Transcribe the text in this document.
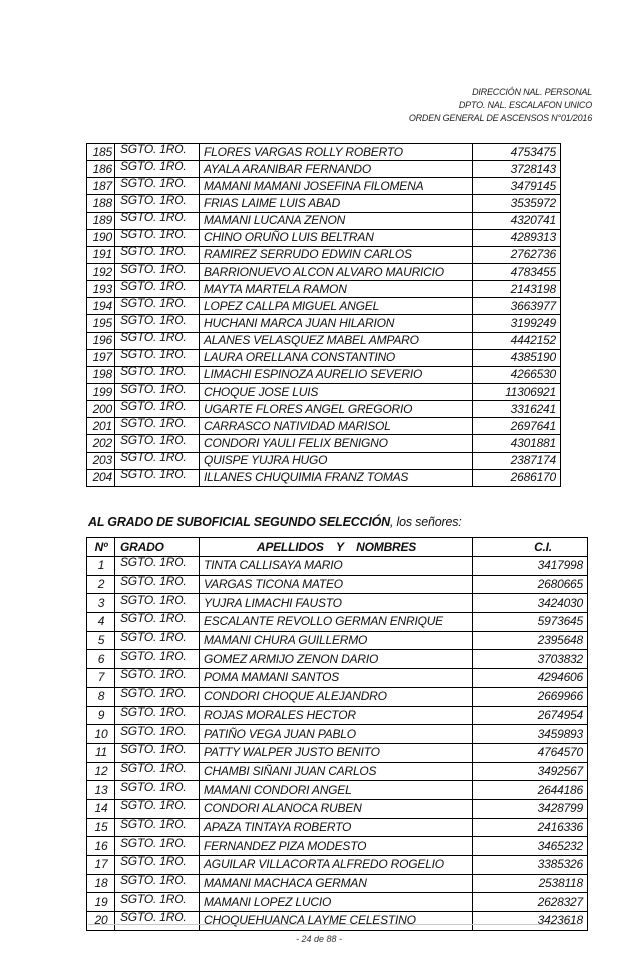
DIRECCIÓN NAL. PERSONAL
DPTO. NAL. ESCALAFON UNICO
ORDEN GENERAL DE ASCENSOS N°01/2016
185	SGTO. 1RO.	FLORES VARGAS ROLLY ROBERTO	4753475
186	SGTO. 1RO.	AYALA ARANIBAR FERNANDO	3728143
187	SGTO. 1RO.	MAMANI MAMANI JOSEFINA FILOMENA	3479145
188	SGTO. 1RO.	FRIAS LAIME LUIS ABAD	3535972
189	SGTO. 1RO.	MAMANI LUCANA ZENON	4320741
190	SGTO. 1RO.	CHINO ORUÑO LUIS BELTRAN	4289313
191	SGTO. 1RO.	RAMIREZ SERRUDO EDWIN CARLOS	2762736
192	SGTO. 1RO.	BARRIONUEVO ALCON ALVARO MAURICIO	4783455
193	SGTO. 1RO.	MAYTA MARTELA RAMON	2143198
194	SGTO. 1RO.	LOPEZ CALLPA MIGUEL ANGEL	3663977
195	SGTO. 1RO.	HUCHANI MARCA JUAN HILARION	3199249
196	SGTO. 1RO.	ALANES VELASQUEZ MABEL AMPARO	4442152
197	SGTO. 1RO.	LAURA ORELLANA CONSTANTINO	4385190
198	SGTO. 1RO.	LIMACHI ESPINOZA AURELIO SEVERIO	4266530
199	SGTO. 1RO.	CHOQUE JOSE LUIS	11306921
200	SGTO. 1RO.	UGARTE FLORES ANGEL GREGORIO	3316241
201	SGTO. 1RO.	CARRASCO NATIVIDAD MARISOL	2697641
202	SGTO. 1RO.	CONDORI YAULI FELIX BENIGNO	4301881
203	SGTO. 1RO.	QUISPE YUJRA HUGO	2387174
204	SGTO. 1RO.	ILLANES CHUQUIMIA FRANZ TOMAS	2686170
AL GRADO DE SUBOFICIAL SEGUNDO SELECCIÓN, los señores:
Nº	GRADO	APELLIDOS    Y    NOMBRES	C.I.
1	SGTO. 1RO.	TINTA CALLISAYA MARIO	3417998
2	SGTO. 1RO.	VARGAS TICONA MATEO	2680665
3	SGTO. 1RO.	YUJRA LIMACHI FAUSTO	3424030
4	SGTO. 1RO.	ESCALANTE REVOLLO GERMAN ENRIQUE	5973645
5	SGTO. 1RO.	MAMANI CHURA GUILLERMO	2395648
6	SGTO. 1RO.	GOMEZ ARMIJO ZENON DARIO	3703832
7	SGTO. 1RO.	POMA MAMANI SANTOS	4294606
8	SGTO. 1RO.	CONDORI CHOQUE ALEJANDRO	2669966
9	SGTO. 1RO.	ROJAS MORALES HECTOR	2674954
10	SGTO. 1RO.	PATIÑO VEGA JUAN PABLO	3459893
11	SGTO. 1RO.	PATTY WALPER JUSTO BENITO	4764570
12	SGTO. 1RO.	CHAMBI SIÑANI JUAN CARLOS	3492567
13	SGTO. 1RO.	MAMANI CONDORI ANGEL	2644186
14	SGTO. 1RO.	CONDORI ALANOCA RUBEN	3428799
15	SGTO. 1RO.	APAZA TINTAYA ROBERTO	2416336
16	SGTO. 1RO.	FERNANDEZ PIZA MODESTO	3465232
17	SGTO. 1RO.	AGUILAR VILLACORTA ALFREDO ROGELIO	3385326
18	SGTO. 1RO.	MAMANI MACHACA GERMAN	2538118
19	SGTO. 1RO.	MAMANI LOPEZ LUCIO	2628327
20	SGTO. 1RO.	CHOQUEHUANCA LAYME CELESTINO	3423618
- 24 de 88 -
